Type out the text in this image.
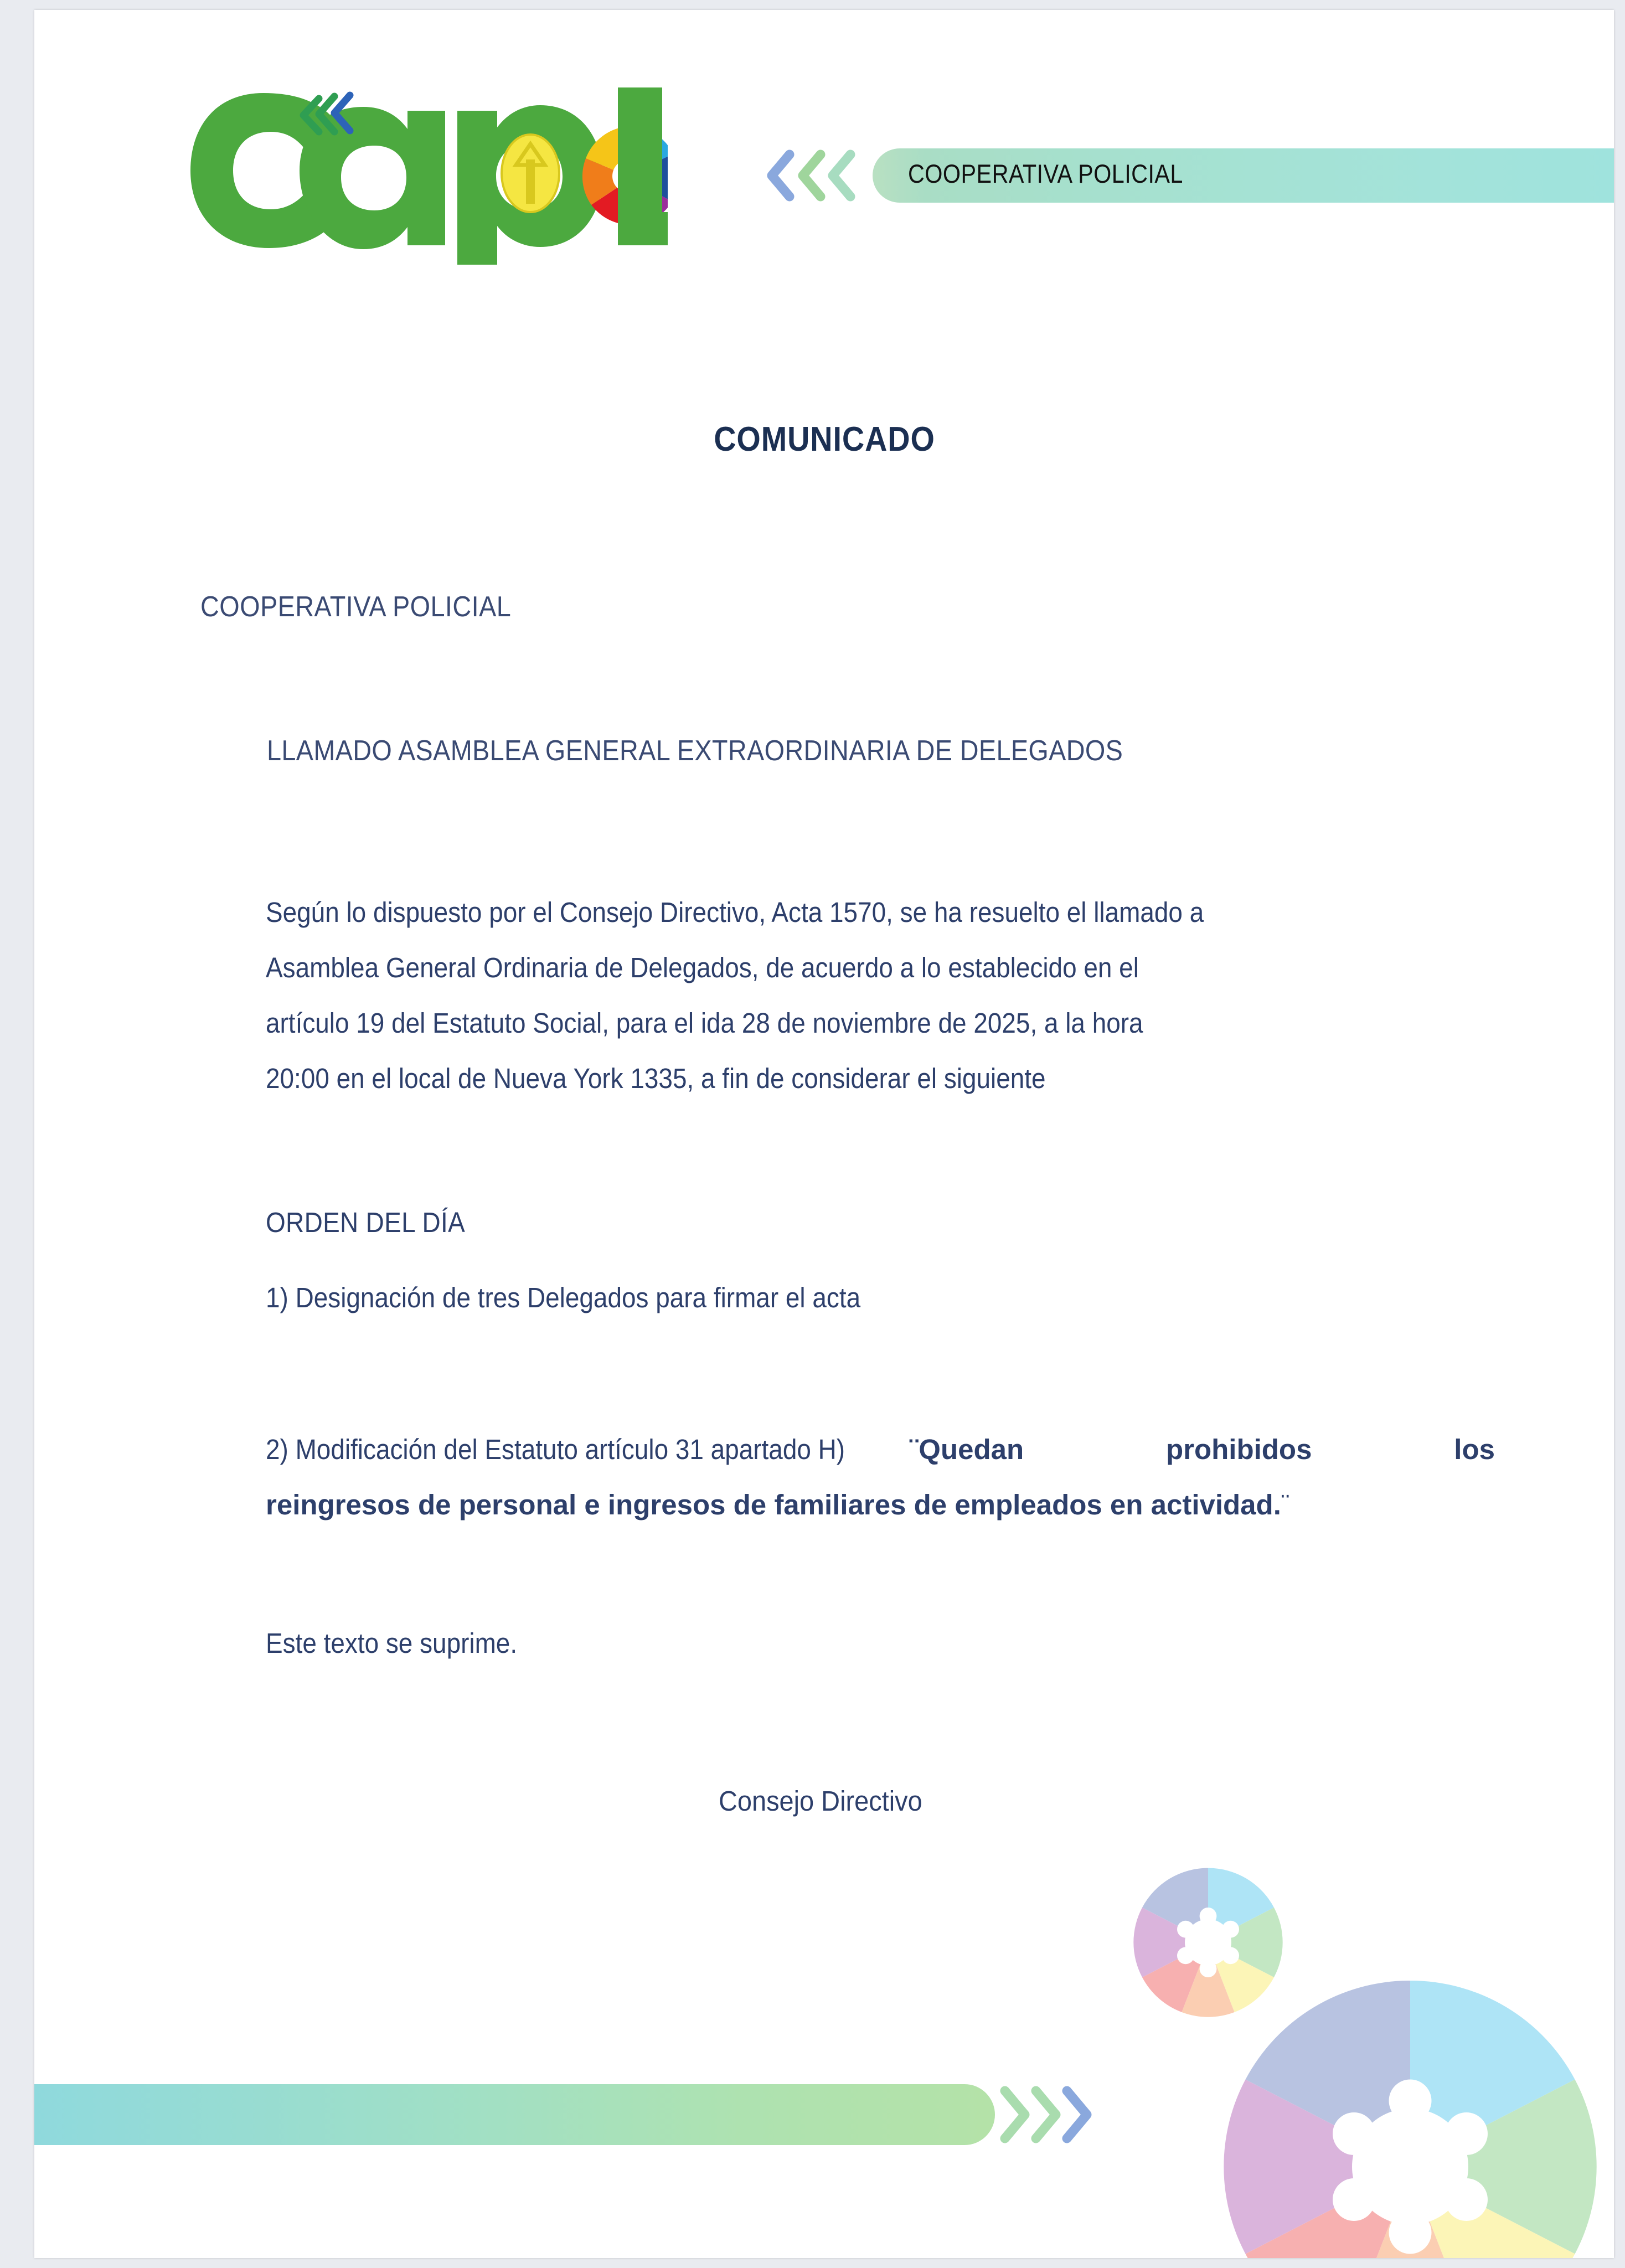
COOPERATIVA POLICIAL
COMUNICADO
COOPERATIVA POLICIAL
LLAMADO ASAMBLEA GENERAL EXTRAORDINARIA DE DELEGADOS
Según lo dispuesto por el Consejo Directivo, Acta 1570, se ha resuelto el llamado a
Asamblea General Ordinaria de Delegados, de acuerdo a lo establecido en el
artículo 19 del Estatuto Social, para el ida 28 de noviembre de 2025, a la hora
20:00 en el local de Nueva York 1335, a fin de considerar el siguiente
ORDEN DEL DÍA
1) Designación de tres Delegados para firmar el acta
2) Modificación del Estatuto artículo 31 apartado H)¨Quedan prohibidos los
reingresos de personal e ingresos de familiares de empleados en actividad.¨
Este texto se suprime.
Consejo Directivo
